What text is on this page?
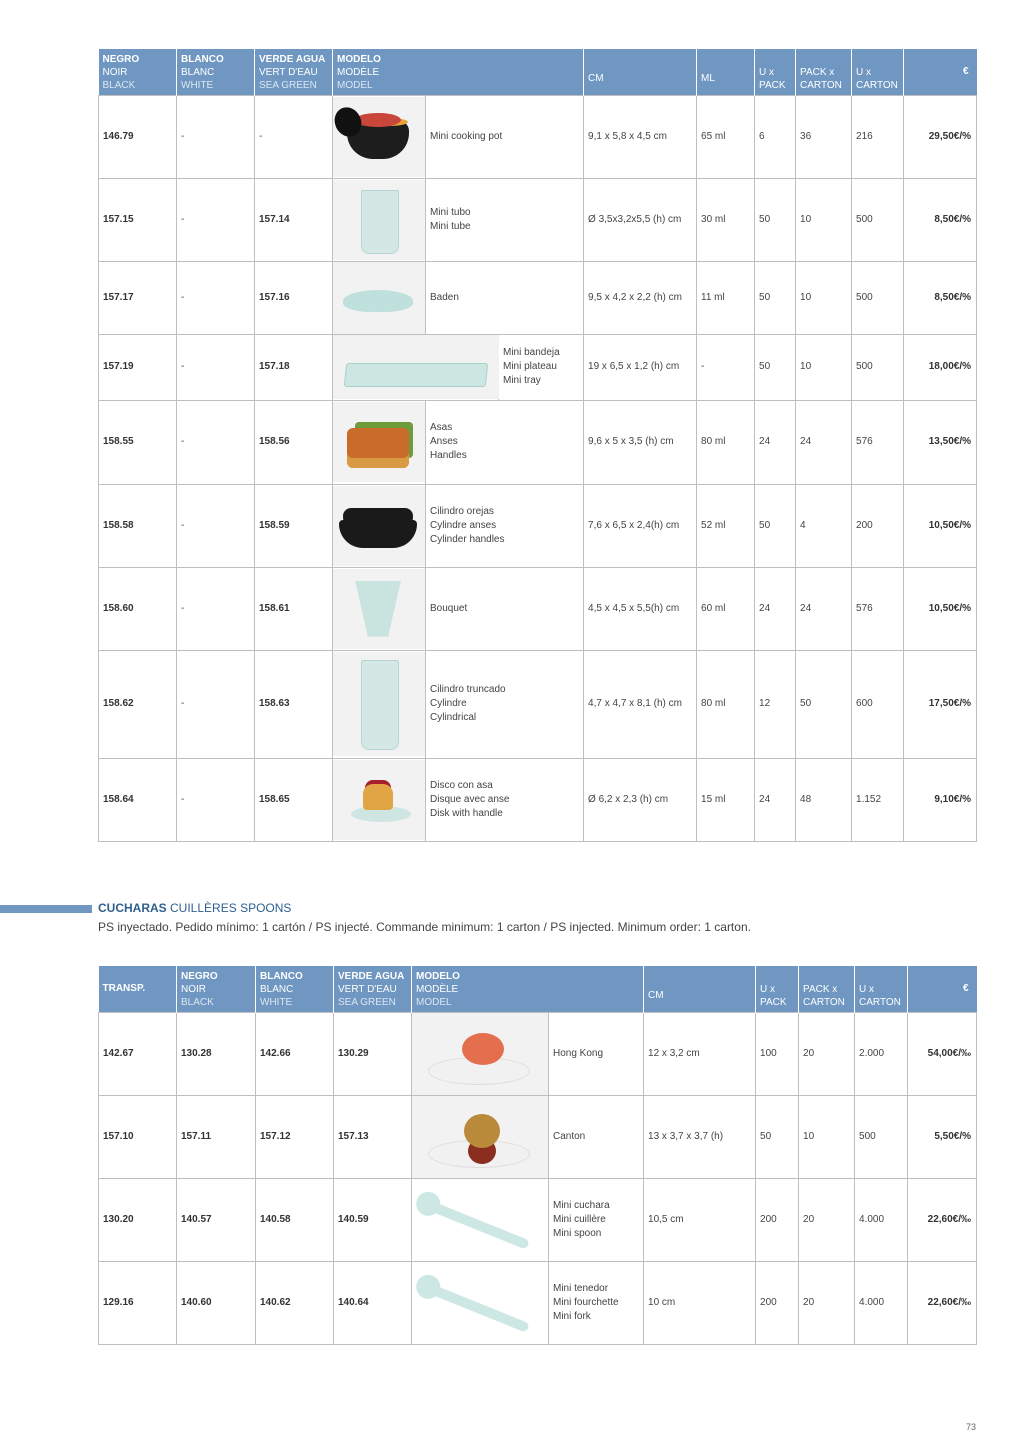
NEGRO
NOIR
BLACK	BLANCO
BLANC
WHITE	VERDE AGUA
VERT D'EAU
SEA GREEN	MODELO
MODÈLE
MODEL			CM	ML	U x
PACK	PACK x
CARTON	U x
CARTON	€
146.79	-	-		Mini cooking pot		9,1 x 5,8 x 4,5 cm	65 ml	6	36	216	29,50€/%
157.15	-	157.14		Mini tubo
Mini tube		Ø 3,5x3,2x5,5 (h) cm	30 ml	50	10	500	8,50€/%
157.17	-	157.16		Baden		9,5 x 4,2 x 2,2 (h) cm	11 ml	50	10	500	8,50€/%
157.19	-	157.18			Mini bandeja
Mini plateau
Mini tray	19 x 6,5 x 1,2 (h) cm	-	50	10	500	18,00€/%
158.55	-	158.56		Asas
Anses
Handles		9,6 x 5 x 3,5 (h) cm	80 ml	24	24	576	13,50€/%
158.58	-	158.59		Cilindro orejas
Cylindre anses
Cylinder handles		7,6 x 6,5 x 2,4(h) cm	52 ml	50	4	200	10,50€/%
158.60	-	158.61		Bouquet		4,5 x 4,5 x 5,5(h) cm	60 ml	24	24	576	10,50€/%
158.62	-	158.63		Cilindro truncado
Cylindre
Cylindrical		4,7 x 4,7 x 8,1 (h) cm	80 ml	12	50	600	17,50€/%
158.64	-	158.65		Disco con asa
Disque avec anse
Disk with handle		Ø 6,2 x 2,3 (h) cm	15 ml	24	48	1.152	9,10€/%
CUCHARAS CUILLÈRES SPOONS
PS inyectado. Pedido mínimo: 1 cartón / PS injecté. Commande minimum: 1 carton / PS injected. Minimum order: 1 carton.
TRANSP.	NEGRO
NOIR
BLACK	BLANCO
BLANC
WHITE	VERDE AGUA
VERT D'EAU
SEA GREEN	MODELO
MODÈLE
MODEL		CM	U x
PACK	PACK x
CARTON	U x
CARTON	€
142.67	130.28	142.66	130.29		Hong Kong	12 x 3,2 cm	100	20	2.000	54,00€/‰
157.10	157.11	157.12	157.13		Canton	13 x 3,7 x 3,7 (h)	50	10	500	5,50€/%
130.20	140.57	140.58	140.59		Mini cuchara
Mini cuillère
Mini spoon	10,5 cm	200	20	4.000	22,60€/‰
129.16	140.60	140.62	140.64		Mini tenedor
Mini fourchette
Mini fork	10 cm	200	20	4.000	22,60€/‰
73
